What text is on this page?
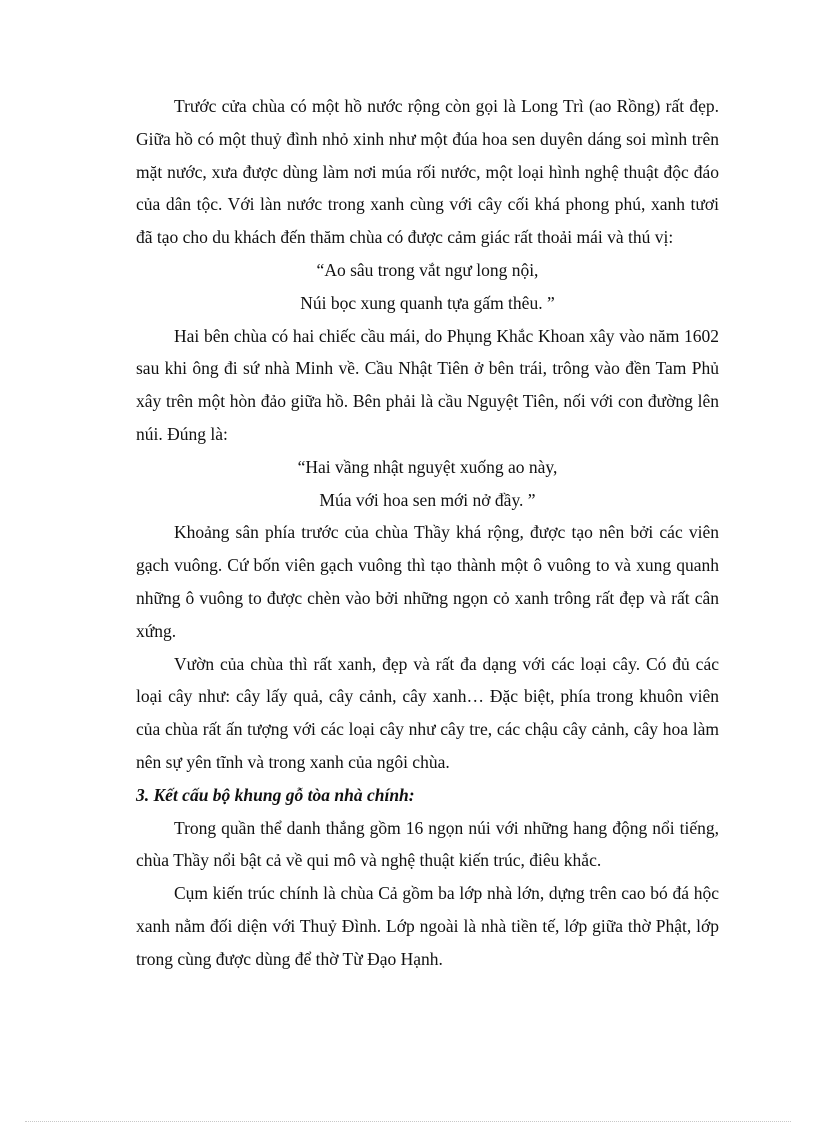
Trước cửa chùa có một hồ nước rộng còn gọi là Long Trì (ao Rồng) rất đẹp. Giữa hồ có một thuỷ đình nhỏ xinh như một đúa hoa sen duyên dáng soi mình trên mặt nước, xưa được dùng làm nơi múa rối nước, một loại hình nghệ thuật độc đáo của dân tộc. Với làn nước trong xanh cùng với cây cối khá phong phú, xanh tươi đã tạo cho du khách đến thăm chùa có được cảm giác rất thoải mái và thú vị:

“Ao sâu trong vắt ngư long nội,

Núi bọc xung quanh tựa gấm thêu. ”

Hai bên chùa có hai chiếc cầu mái, do Phụng Khắc Khoan xây vào năm 1602 sau khi ông đi sứ nhà Minh về. Cầu Nhật Tiên ở bên trái, trông vào đền Tam Phủ xây trên một hòn đảo giữa hồ. Bên phải là cầu Nguyệt Tiên, nối với con đường lên núi. Đúng là:

“Hai vầng nhật nguyệt xuống ao này,

Múa với hoa sen mới nở đầy. ”

Khoảng sân phía trước của chùa Thầy khá rộng, được tạo nên bởi các viên gạch vuông. Cứ bốn viên gạch vuông thì tạo thành một ô vuông to và xung quanh những ô vuông to được chèn vào bởi những ngọn cỏ xanh trông rất đẹp và rất cân xứng.

Vườn của chùa thì rất xanh, đẹp và rất đa dạng với các loại cây. Có đủ các loại cây như: cây lấy quả, cây cảnh, cây xanh… Đặc biệt, phía trong khuôn viên của chùa rất ấn tượng với các loại cây như cây tre, các chậu cây cảnh, cây hoa làm nên sự yên tĩnh và trong xanh của ngôi chùa.

3. Kết cấu bộ khung gỗ tòa nhà chính:

Trong quần thể danh thắng gồm 16 ngọn núi với những hang động nổi tiếng, chùa Thầy nổi bật cả về qui mô và nghệ thuật kiến trúc, điêu khắc.

Cụm kiến trúc chính là chùa Cả gồm ba lớp nhà lớn, dựng trên cao bó đá hộc xanh nằm đối diện với Thuỷ Đình. Lớp ngoài là nhà tiền tế, lớp giữa thờ Phật, lớp trong cùng được dùng để thờ Từ Đạo Hạnh.
